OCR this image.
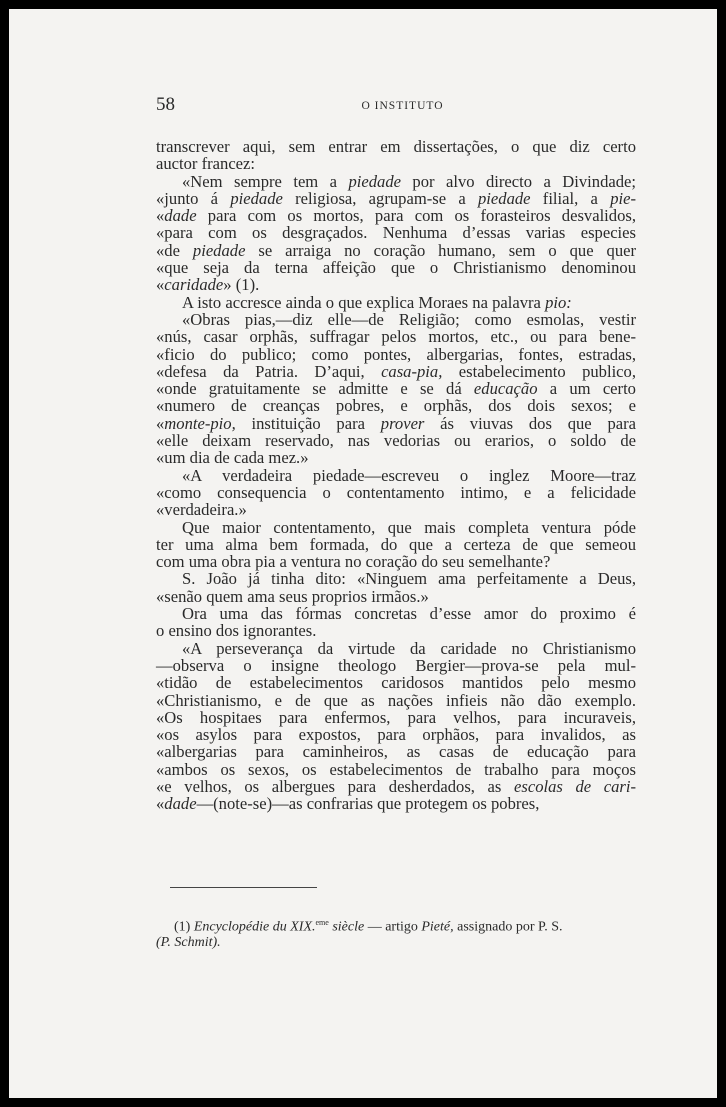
58	O INSTITUTO
transcrever aqui, sem entrar em dissertações, o que diz certo
auctor francez:
«Nem sempre tem a piedade por alvo directo a Divindade;
«junto á piedade religiosa, agrupam-se a piedade filial, a pie-
«dade para com os mortos, para com os forasteiros desvalidos,
«para com os desgraçados. Nenhuma d’essas varias especies
«de piedade se arraiga no coração humano, sem o que quer
«que seja da terna affeição que o Christianismo denominou
«caridade» (1).
A isto accresce ainda o que explica Moraes na palavra pio:
«Obras pias,—diz elle—de Religião; como esmolas, vestir
«nús, casar orphãs, suffragar pelos mortos, etc., ou para bene-
«ficio do publico; como pontes, albergarias, fontes, estradas,
«defesa da Patria. D’aqui, casa-pia, estabelecimento publico,
«onde gratuitamente se admitte e se dá educação a um certo
«numero de creanças pobres, e orphãs, dos dois sexos; e
«monte-pio, instituição para prover ás viuvas dos que para
«elle deixam reservado, nas vedorias ou erarios, o soldo de
«um dia de cada mez.»
«A verdadeira piedade—escreveu o inglez Moore—traz
«como consequencia o contentamento intimo, e a felicidade
«verdadeira.»
Que maior contentamento, que mais completa ventura póde
ter uma alma bem formada, do que a certeza de que semeou
com uma obra pia a ventura no coração do seu semelhante?
S. João já tinha dito: «Ninguem ama perfeitamente a Deus,
«senão quem ama seus proprios irmãos.»
Ora uma das fórmas concretas d’esse amor do proximo é
o ensino dos ignorantes.
«A perseverança da virtude da caridade no Christianismo
—observa o insigne theologo Bergier—prova-se pela mul-
«tidão de estabelecimentos caridosos mantidos pelo mesmo
«Christianismo, e de que as nações infieis não dão exemplo.
«Os hospitaes para enfermos, para velhos, para incuraveis,
«os asylos para expostos, para orphãos, para invalidos, as
«albergarias para caminheiros, as casas de educação para
«ambos os sexos, os estabelecimentos de trabalho para moços
«e velhos, os albergues para desherdados, as escolas de cari-
«dade—(note-se)—as confrarias que protegem os pobres,
(1) Encyclopédie du XIX.$^{eme}$ siècle — artigo Pieté, assignado por P. S.
(P. Schmit).
